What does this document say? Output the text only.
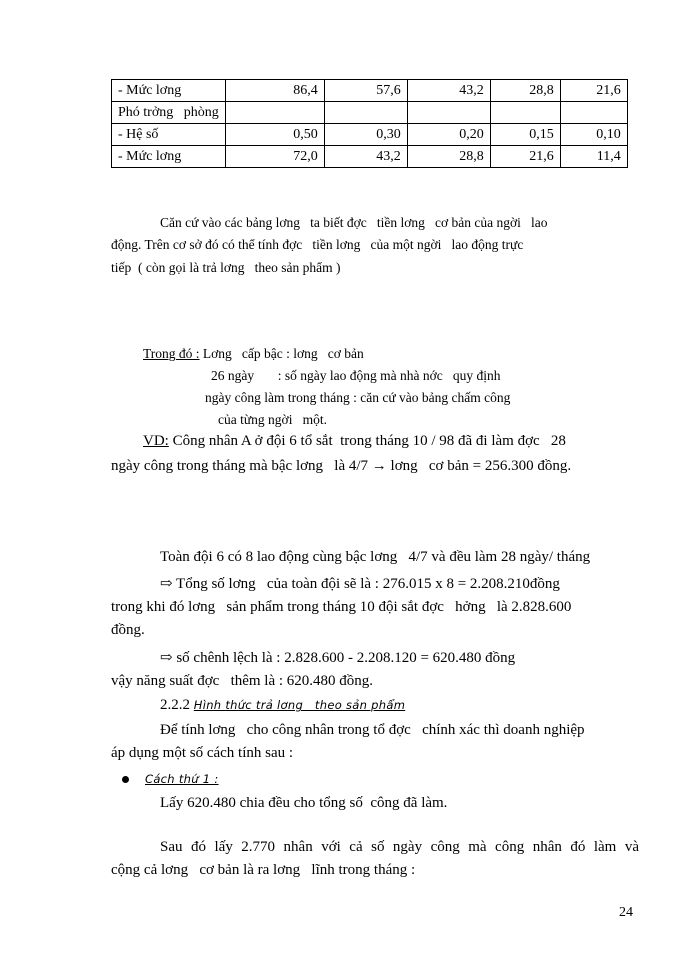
- Mức lơng	86,4	57,6	43,2	28,8	21,6
Phó trởng   phòng					
- Hệ số	0,50	0,30	0,20	0,15	0,10
- Mức lơng	72,0	43,2	28,8	21,6	11,4
Căn cứ vào các bảng lơng   ta biết đợc   tiền lơng   cơ bản của ngời   lao
động. Trên cơ sở đó có thể tính đợc   tiền lơng   của một ngời   lao động trực
tiếp  ( còn gọi là trả lơng   theo sản phẩm )
Trong đó : Lơng   cấp bậc : lơng   cơ bản
26 ngày       : số ngày lao động mà nhà nớc   quy định
ngày công làm trong tháng : căn cứ vào bảng chấm công
của từng ngời   một.
VD: Công nhân A ở đội 6 tổ sắt  trong tháng 10 / 98 đã đi làm đợc   28
ngày công trong tháng mà bậc lơng   là 4/7 → lơng   cơ bản = 256.300 đồng.
Toàn đội 6 có 8 lao động cùng bậc lơng   4/7 và đều làm 28 ngày/ tháng
⇨ Tổng số lơng   của toàn đội sẽ là : 276.015 x 8 = 2.208.210đồng
trong khi đó lơng   sản phẩm trong tháng 10 đội sắt đợc   hởng   là 2.828.600
đồng.
⇨ số chênh lệch là : 2.828.600 - 2.208.120 = 620.480 đồng
vậy năng suất đợc   thêm là : 620.480 đồng.
2.2.2 Hình thức trả lơng   theo sản phẩm
Để tính lơng   cho công nhân trong tổ đợc   chính xác thì doanh nghiệp
áp dụng một số cách tính sau :
Cách thứ 1 :
Lấy 620.480 chia đều cho tổng số  công đã làm.
Sau đó lấy 2.770 nhân với cả số ngày công mà công nhân đó làm và
cộng cả lơng   cơ bản là ra lơng   lĩnh trong tháng :
24
